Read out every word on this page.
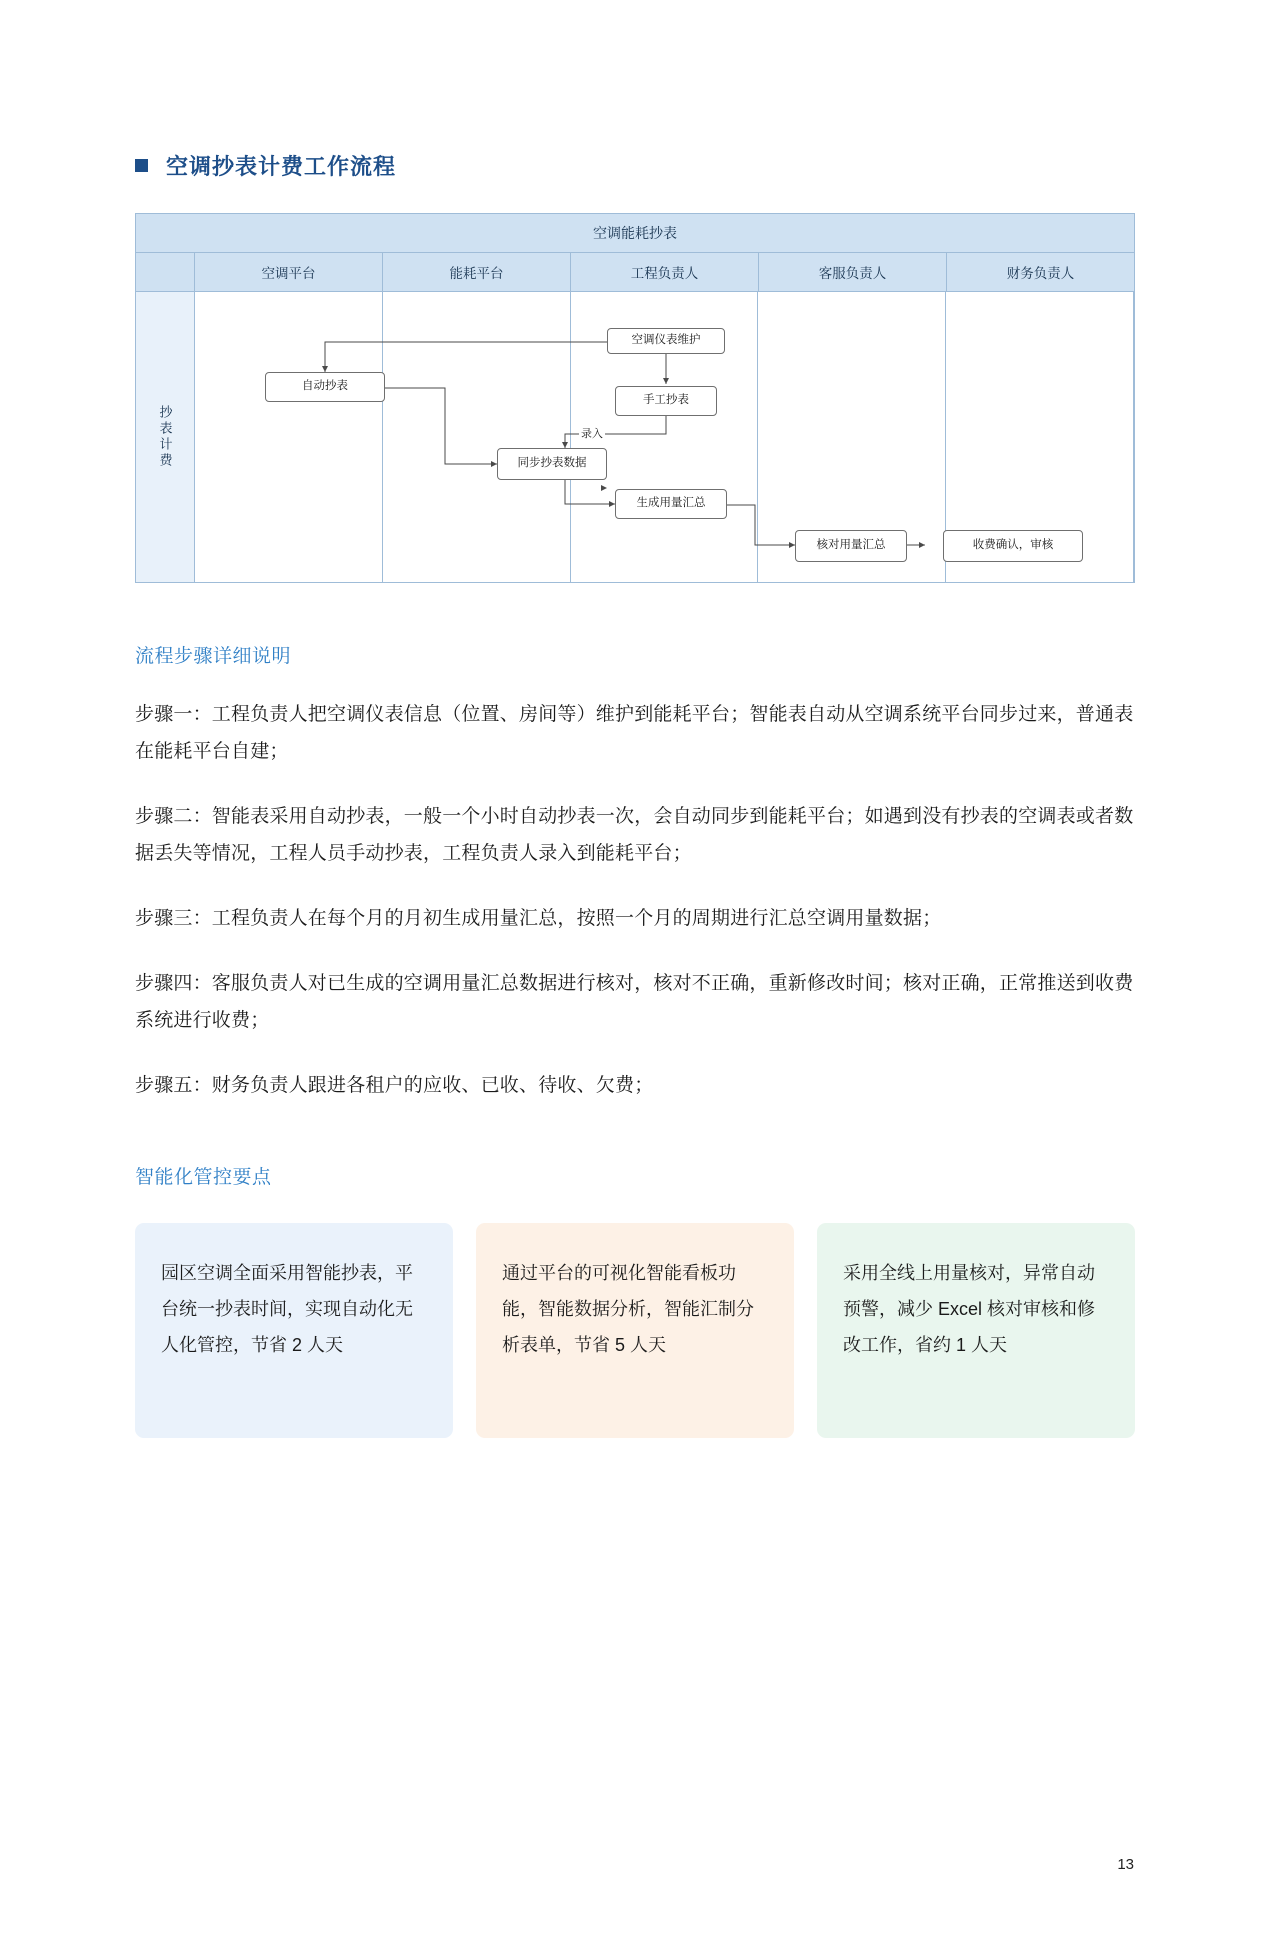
空调抄表计费工作流程
空调能耗抄表
空调平台	能耗平台	工程负责人	客服负责人	财务负责人
抄表计费
空调仪表维护
自动抄表
手工抄表
同步抄表数据
生成用量汇总
核对用量汇总	收费确认，审核
录入
流程步骤详细说明

步骤一：工程负责人把空调仪表信息（位置、房间等）维护到能耗平台；智能表自动从空调系统平台同步过来，普通表在能耗平台自建；

步骤二：智能表采用自动抄表，一般一个小时自动抄表一次，会自动同步到能耗平台；如遇到没有抄表的空调表或者数据丢失等情况，工程人员手动抄表，工程负责人录入到能耗平台；

步骤三：工程负责人在每个月的月初生成用量汇总，按照一个月的周期进行汇总空调用量数据；

步骤四：客服负责人对已生成的空调用量汇总数据进行核对，核对不正确，重新修改时间；核对正确，正常推送到收费系统进行收费；

步骤五：财务负责人跟进各租户的应收、已收、待收、欠费；

智能化管控要点
园区空调全面采用智能抄表，平台统一抄表时间，实现自动化无人化管控，节省 2 人天
通过平台的可视化智能看板功能，智能数据分析，智能汇制分析表单，节省 5 人天
采用全线上用量核对，异常自动预警，减少 Excel 核对审核和修改工作，省约 1 人天
13
